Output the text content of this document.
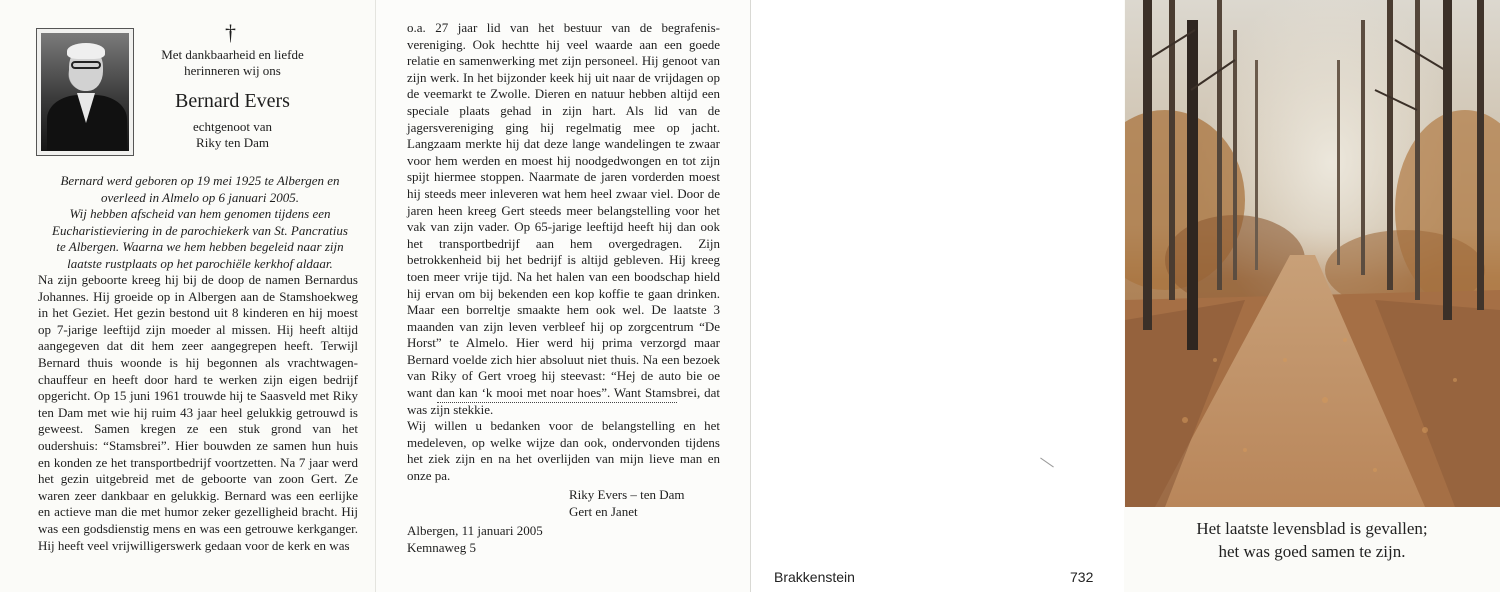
†
Met dankbaarheid en liefde
herinneren wij ons
Bernard Evers
echtgenoot van
Riky ten Dam
Bernard werd geboren op 19 mei 1925 te Albergen en
overleed in Almelo op 6 januari 2005.
Wij hebben afscheid van hem genomen tijdens een
Eucharistieviering in de parochiekerk van St. Pancratius
te Albergen. Waarna we hem hebben begeleid naar zijn
laatste rustplaats op het parochiële kerkhof aldaar.
Na zijn geboorte kreeg hij bij de doop de namen Bernardus Johannes. Hij groeide op in Albergen aan de Stamshoekweg in het Geziet. Het gezin bestond uit 8 kinderen en hij moest op 7-jarige leeftijd zijn moeder al missen. Hij heeft altijd aangegeven dat dit hem zeer aangegrepen heeft. Terwijl Bernard thuis woonde is hij begonnen als vrachtwagen-chauffeur en heeft door hard te werken zijn eigen bedrijf opgericht. Op 15 juni 1961 trouwde hij te Saasveld met Riky ten Dam met wie hij ruim 43 jaar heel gelukkig getrouwd is geweest. Samen kregen ze een stuk grond van het oudershuis: “Stamsbrei”. Hier bouwden ze samen hun huis en konden ze het transportbedrijf voortzetten. Na 7 jaar werd het gezin uitgebreid met de geboorte van zoon Gert. Ze waren zeer dankbaar en gelukkig. Bernard was een eerlijke en actieve man die met humor zeker gezelligheid bracht. Hij was een godsdienstig mens en was een getrouwe kerkganger. Hij heeft veel vrijwilligerswerk gedaan voor de kerk en was
o.a. 27 jaar lid van het bestuur van de begrafenis-vereniging. Ook hechtte hij veel waarde aan een goede relatie en samenwerking met zijn personeel. Hij genoot van zijn werk. In het bijzonder keek hij uit naar de vrijdagen op de veemarkt te Zwolle. Dieren en natuur hebben altijd een speciale plaats gehad in zijn hart. Als lid van de jagersvereniging ging hij regelmatig mee op jacht. Langzaam merkte hij dat deze lange wandelingen te zwaar voor hem werden en moest hij noodgedwongen en tot zijn spijt hiermee stoppen. Naarmate de jaren vorderden moest hij steeds meer inleveren wat hem heel zwaar viel. Door de jaren heen kreeg Gert steeds meer belangstelling voor het vak van zijn vader. Op 65-jarige leeftijd heeft hij dan ook het transportbedrijf aan hem overgedragen. Zijn betrokkenheid bij het bedrijf is altijd gebleven. Hij kreeg toen meer vrije tijd. Na het halen van een boodschap hield hij ervan om bij bekenden een kop koffie te gaan drinken. Maar een borreltje smaakte hem ook wel. De laatste 3 maanden van zijn leven verbleef hij op zorgcentrum “De Horst” te Almelo. Hier werd hij prima verzorgd maar Bernard voelde zich hier absoluut niet thuis. Na een bezoek van Riky of Gert vroeg hij steevast: “Hej de auto bie oe want dan kan ‘k mooi met noar hoes”. Want Stamsbrei, dat was zijn stekkie.
Wij willen u bedanken voor de belangstelling en het medeleven, op welke wijze dan ook, ondervonden tijdens het ziek zijn en na het overlijden van mijn lieve man en onze pa.
Riky Evers – ten Dam
Gert en Janet
Albergen, 11 januari 2005
Kemnaweg 5
Brakkenstein	732
Het laatste levensblad is gevallen;
het was goed samen te zijn.
